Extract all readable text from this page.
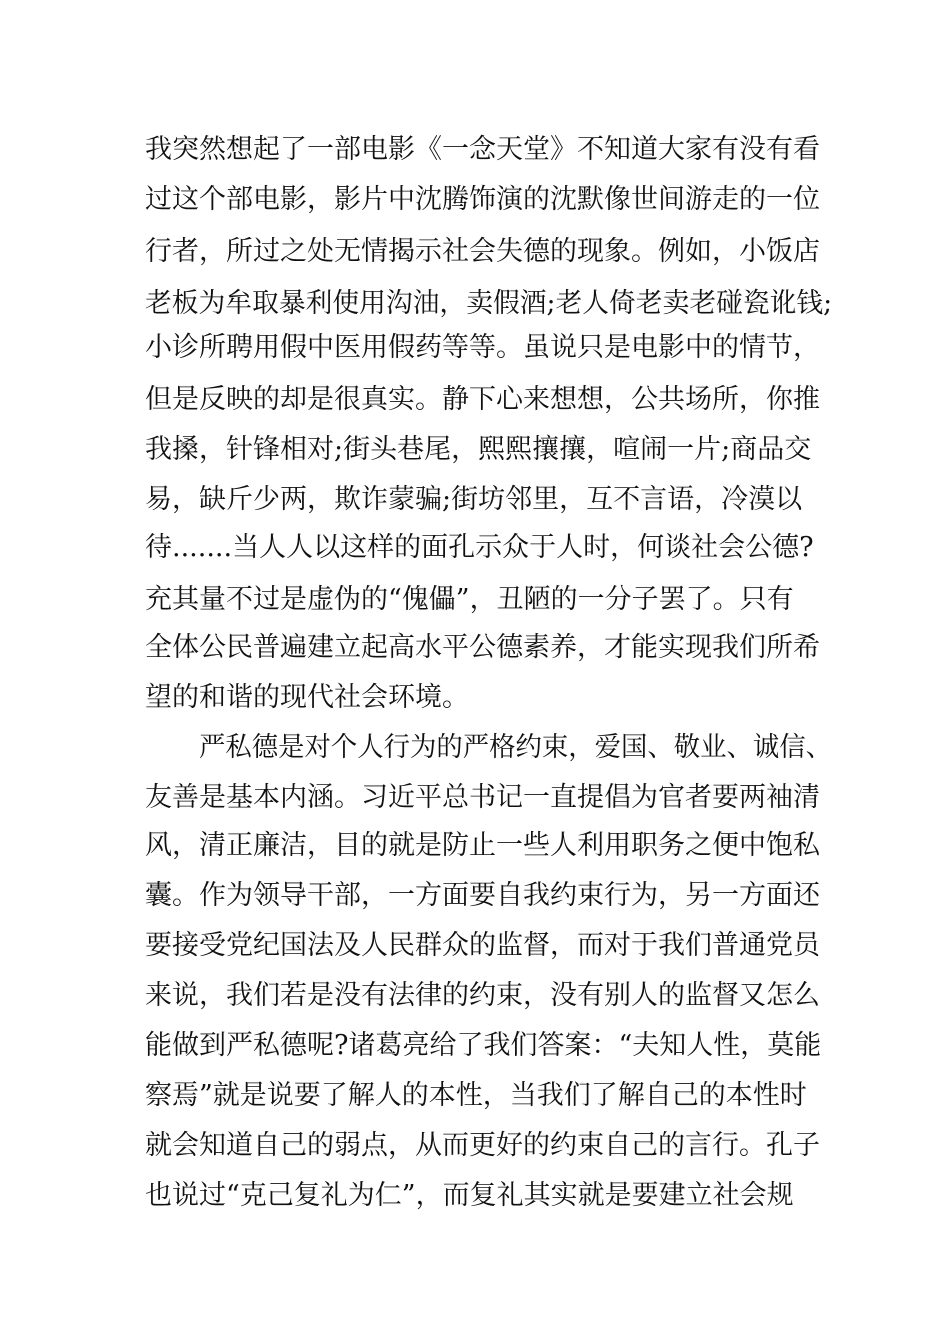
我突然想起了一部电影《一念天堂》不知道大家有没有看
过这个部电影，影片中沈腾饰演的沈默像世间游走的一位
行者，所过之处无情揭示社会失德的现象。例如，小饭店
老板为牟取暴利使用沟油，卖假酒;老人倚老卖老碰瓷讹钱;
小诊所聘用假中医用假药等等。虽说只是电影中的情节，
但是反映的却是很真实。静下心来想想，公共场所，你推
我搡，针锋相对;街头巷尾，熙熙攘攘，喧闹一片;商品交
易，缺斤少两，欺诈蒙骗;街坊邻里，互不言语，冷漠以
待.......当人人以这样的面孔示众于人时，何谈社会公德?
充其量不过是虚伪的“傀儡”，丑陋的一分子罢了。只有
全体公民普遍建立起高水平公德素养，才能实现我们所希
望的和谐的现代社会环境。
严私德是对个人行为的严格约束，爱国、敬业、诚信、
友善是基本内涵。习近平总书记一直提倡为官者要两袖清
风，清正廉洁，目的就是防止一些人利用职务之便中饱私
囊。作为领导干部，一方面要自我约束行为，另一方面还
要接受党纪国法及人民群众的监督，而对于我们普通党员
来说，我们若是没有法律的约束，没有别人的监督又怎么
能做到严私德呢?诸葛亮给了我们答案：“夫知人性，莫能
察焉”就是说要了解人的本性，当我们了解自己的本性时
就会知道自己的弱点，从而更好的约束自己的言行。孔子
也说过“克己复礼为仁”，而复礼其实就是要建立社会规
